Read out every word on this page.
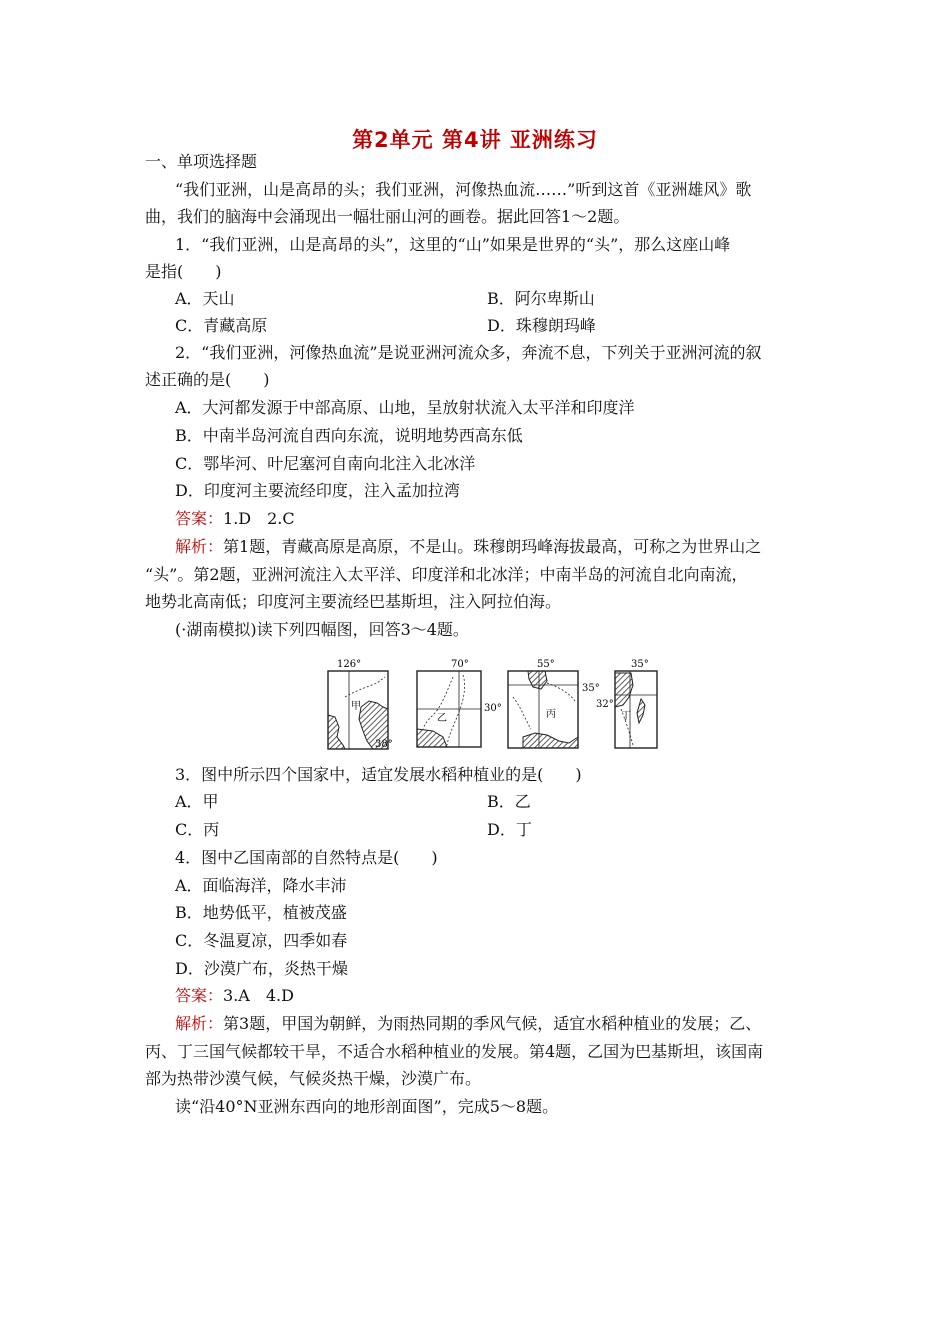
第2单元 第4讲 亚洲练习
一、单项选择题
“我们亚洲，山是高昂的头；我们亚洲，河像热血流……”听到这首《亚洲雄风》歌
曲，我们的脑海中会涌现出一幅壮丽山河的画卷。据此回答1～2题。
1．“我们亚洲，山是高昂的头”，这里的“山”如果是世界的“头”，那么这座山峰
是指(　　)
A．天山	B．阿尔卑斯山
C．青藏高原	D．珠穆朗玛峰
2．“我们亚洲，河像热血流”是说亚洲河流众多，奔流不息，下列关于亚洲河流的叙
述正确的是(　　)
A．大河都发源于中部高原、山地，呈放射状流入太平洋和印度洋
B．中南半岛河流自西向东流，说明地势西高东低
C．鄂毕河、叶尼塞河自南向北注入北冰洋
D．印度河主要流经印度，注入孟加拉湾
答案：1.D　2.C
解析：第1题，青藏高原是高原，不是山。珠穆朗玛峰海拔最高，可称之为世界山之
“头”。第2题，亚洲河流注入太平洋、印度洋和北冰洋；中南半岛的河流自北向南流，
地势北高南低；印度河主要流经巴基斯坦，注入阿拉伯海。
(·湖南模拟)读下列四幅图，回答3～4题。
甲
126°
38°
乙
70°
30°
丙
55°
35°
丁
35°
32°
3．图中所示四个国家中，适宜发展水稻种植业的是(　　)
A．甲	B．乙
C．丙	D．丁
4．图中乙国南部的自然特点是(　　)
A．面临海洋，降水丰沛
B．地势低平，植被茂盛
C．冬温夏凉，四季如春
D．沙漠广布，炎热干燥
答案：3.A　4.D
解析：第3题，甲国为朝鲜，为雨热同期的季风气候，适宜水稻种植业的发展；乙、
丙、丁三国气候都较干旱，不适合水稻种植业的发展。第4题，乙国为巴基斯坦，该国南
部为热带沙漠气候，气候炎热干燥，沙漠广布。
读“沿40°N亚洲东西向的地形剖面图”，完成5～8题。
